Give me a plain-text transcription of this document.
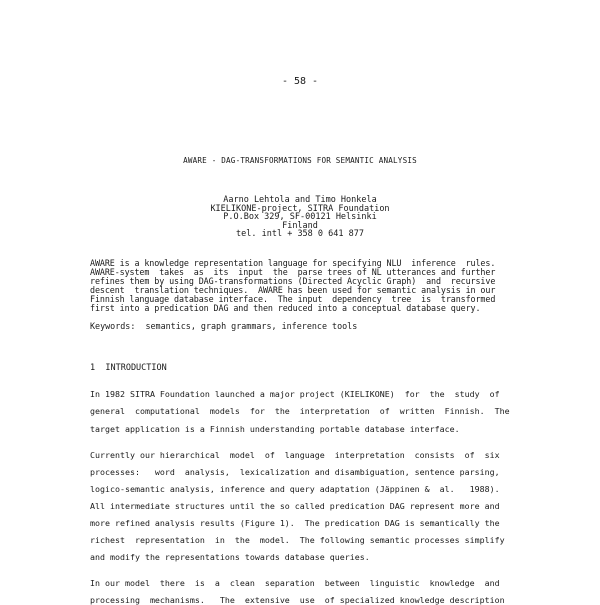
- 58 -
AWARE - DAG-TRANSFORMATIONS FOR SEMANTIC ANALYSIS
Aarno Lehtola and Timo Honkela
KIELIKONE-project, SITRA Foundation
P.O.Box 329, SF-00121 Helsinki
Finland
tel. intl + 358 0 641 877
AWARE is a knowledge representation language for specifying NLU  inference  rules.
AWARE-system  takes  as  its  input  the  parse trees of NL utterances and further
refines them by using DAG-transformations (Directed Acyclic Graph)  and  recursive
descent  translation techniques.  AWARE has been used for semantic analysis in our
Finnish language database interface.  The input  dependency  tree  is  transformed
first into a predication DAG and then reduced into a conceptual database query.
Keywords:  semantics, graph grammars, inference tools
1  INTRODUCTION
In 1982 SITRA Foundation launched a major project (KIELIKONE)  for  the  study  of
general  computational  models  for  the  interpretation  of  written  Finnish.  The
target application is a Finnish understanding portable database interface.
Currently our hierarchical  model  of  language  interpretation  consists  of  six
processes:   word  analysis,  lexicalization and disambiguation, sentence parsing,
logico-semantic analysis, inference and query adaptation (Jäppinen &  al.   1988).
All intermediate structures until the so called predication DAG represent more and
more refined analysis results (Figure 1).  The predication DAG is semantically the
richest  representation  in  the  model.  The following semantic processes simplify
and modify the representations towards database queries.
In our model  there  is  a  clean  separation  between  linguistic  knowledge  and
processing  mechanisms.   The  extensive  use  of specialized knowledge description
